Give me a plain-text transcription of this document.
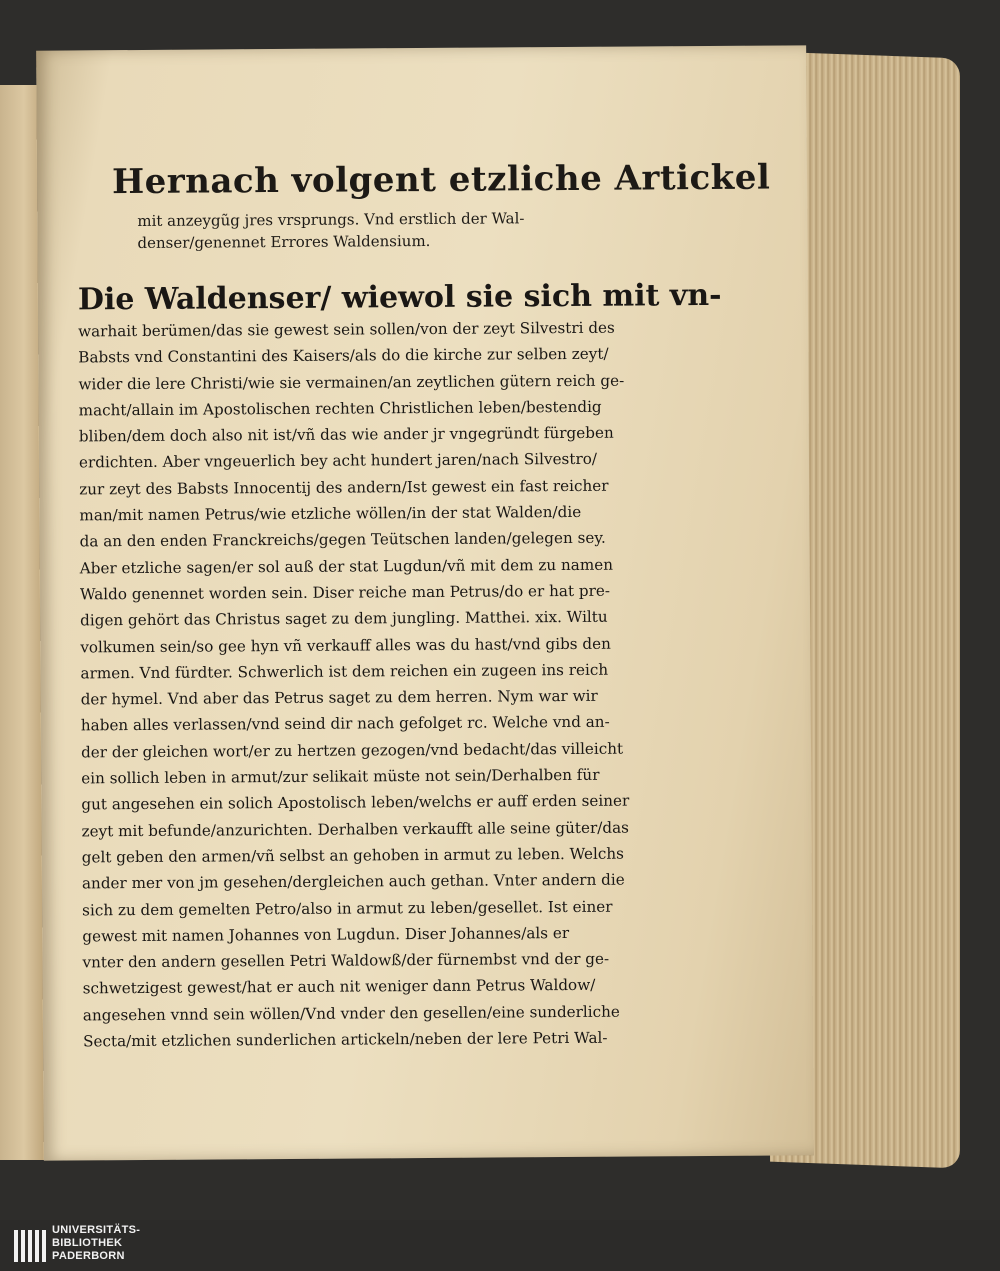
Hernach volgent etzliche Artickel
mit anzeygũg jres vrsprungs. Vnd erstlich der Wal-
denser/genennet Errores Waldensium.
Die Waldenser/ wiewol sie sich mit vn-
warhait berümen/das sie gewest sein sollen/von der zeyt Silvestri des
Babsts vnd Constantini des Kaisers/als do die kirche zur selben zeyt/
wider die lere Christi/wie sie vermainen/an zeytlichen gütern reich ge-
macht/allain im Apostolischen rechten Christlichen leben/bestendig
bliben/dem doch also nit ist/vñ das wie ander jr vngegründt fürgeben
erdichten. Aber vngeuerlich bey acht hundert jaren/nach Silvestro/
zur zeyt des Babsts Innocentij des andern/Ist gewest ein fast reicher
man/mit namen Petrus/wie etzliche wöllen/in der stat Walden/die
da an den enden Franckreichs/gegen Teütschen landen/gelegen sey.
Aber etzliche sagen/er sol auß der stat Lugdun/vñ mit dem zu namen
Waldo genennet worden sein. Diser reiche man Petrus/do er hat pre-
digen gehört das Christus saget zu dem jungling. Matthei. xix. Wiltu
volkumen sein/so gee hyn vñ verkauff alles was du hast/vnd gibs den
armen. Vnd fürdter. Schwerlich ist dem reichen ein zugeen ins reich
der hymel. Vnd aber das Petrus saget zu dem herren. Nym war wir
haben alles verlassen/vnd seind dir nach gefolget rc. Welche vnd an-
der der gleichen wort/er zu hertzen gezogen/vnd bedacht/das villeicht
ein sollich leben in armut/zur selikait müste not sein/Derhalben für
gut angesehen ein solich Apostolisch leben/welchs er auff erden seiner
zeyt mit befunde/anzurichten. Derhalben verkaufft alle seine güter/das
gelt geben den armen/vñ selbst an gehoben in armut zu leben. Welchs
ander mer von jm gesehen/dergleichen auch gethan. Vnter andern die
sich zu dem gemelten Petro/also in armut zu leben/gesellet. Ist einer
gewest mit namen Johannes von Lugdun. Diser Johannes/als er
vnter den andern gesellen Petri Waldowß/der fürnembst vnd der ge-
schwetzigest gewest/hat er auch nit weniger dann Petrus Waldow/
angesehen vnnd sein wöllen/Vnd vnder den gesellen/eine sunderliche
Secta/mit etzlichen sunderlichen artickeln/neben der lere Petri Wal-
UNIVERSITÄTS-
BIBLIOTHEK
PADERBORN
